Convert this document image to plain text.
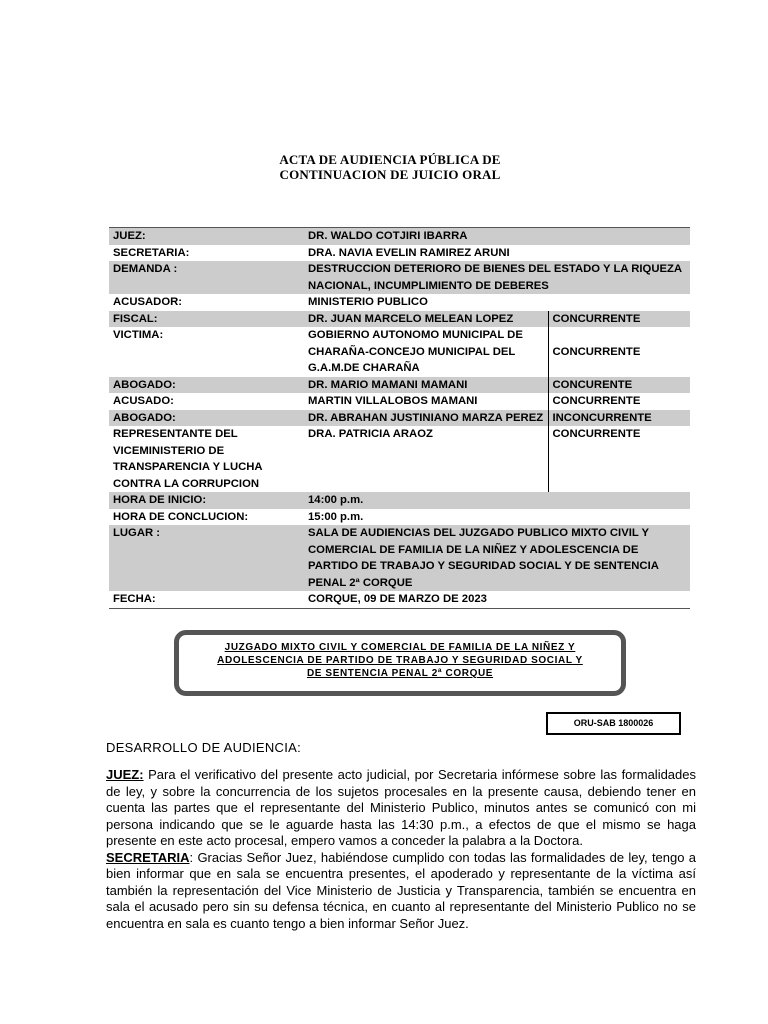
ACTA DE AUDIENCIA PÚBLICA DE
CONTINUACION DE JUICIO ORAL
JUEZ:	DR. WALDO COTJIRI IBARRA	
SECRETARIA:	DRA. NAVIA EVELIN RAMIREZ ARUNI	
DEMANDA :	DESTRUCCION DETERIORO DE BIENES DEL ESTADO Y LA RIQUEZA NACIONAL, INCUMPLIMIENTO DE DEBERES	
ACUSADOR:	MINISTERIO PUBLICO	
FISCAL:	DR. JUAN MARCELO MELEAN LOPEZ	CONCURRENTE
VICTIMA:	GOBIERNO AUTONOMO MUNICIPAL DE CHARAÑA-CONCEJO MUNICIPAL DEL G.A.M.DE CHARAÑA	CONCURRENTE
ABOGADO:	DR. MARIO MAMANI MAMANI	CONCURENTE
ACUSADO:	MARTIN VILLALOBOS MAMANI	CONCURRENTE
ABOGADO:	DR. ABRAHAN JUSTINIANO MARZA PEREZ	INCONCURRENTE
REPRESENTANTE DEL VICEMINISTERIO DE TRANSPARENCIA Y LUCHA CONTRA LA CORRUPCION	DRA. PATRICIA ARAOZ	CONCURRENTE
HORA DE INICIO:	14:00 p.m.	
HORA DE CONCLUCION:	15:00 p.m.	
LUGAR :	SALA DE AUDIENCIAS DEL JUZGADO PUBLICO MIXTO CIVIL Y COMERCIAL DE FAMILIA DE LA NIÑEZ Y ADOLESCENCIA DE PARTIDO DE TRABAJO Y SEGURIDAD SOCIAL Y DE SENTENCIA PENAL 2ª CORQUE	
FECHA:	CORQUE, 09 DE MARZO DE 2023	
JUZGADO MIXTO CIVIL Y COMERCIAL DE FAMILIA DE LA NIÑEZ Y
ADOLESCENCIA DE PARTIDO DE TRABAJO Y SEGURIDAD SOCIAL Y
DE SENTENCIA PENAL 2ª CORQUE
ORU-SAB 1800026
DESARROLLO DE AUDIENCIA:

JUEZ: Para el verificativo del presente acto judicial, por Secretaria infórmese sobre las formalidades de ley, y sobre la concurrencia de los sujetos procesales en la presente causa, debiendo tener en cuenta las partes que el representante del Ministerio Publico, minutos antes se comunicó con mi persona indicando que se le aguarde hasta las 14:30 p.m., a efectos de que el mismo se haga presente en este acto procesal, empero vamos a conceder la palabra a la Doctora.

SECRETARIA: Gracias Señor Juez, habiéndose cumplido con todas las formalidades de ley, tengo a bien informar que en sala se encuentra presentes, el apoderado y representante de la víctima así también la representación del Vice Ministerio de Justicia y Transparencia, también se encuentra en sala el acusado pero sin su defensa técnica, en cuanto al representante del Ministerio Publico no se encuentra en sala es cuanto tengo a bien informar Señor Juez.
